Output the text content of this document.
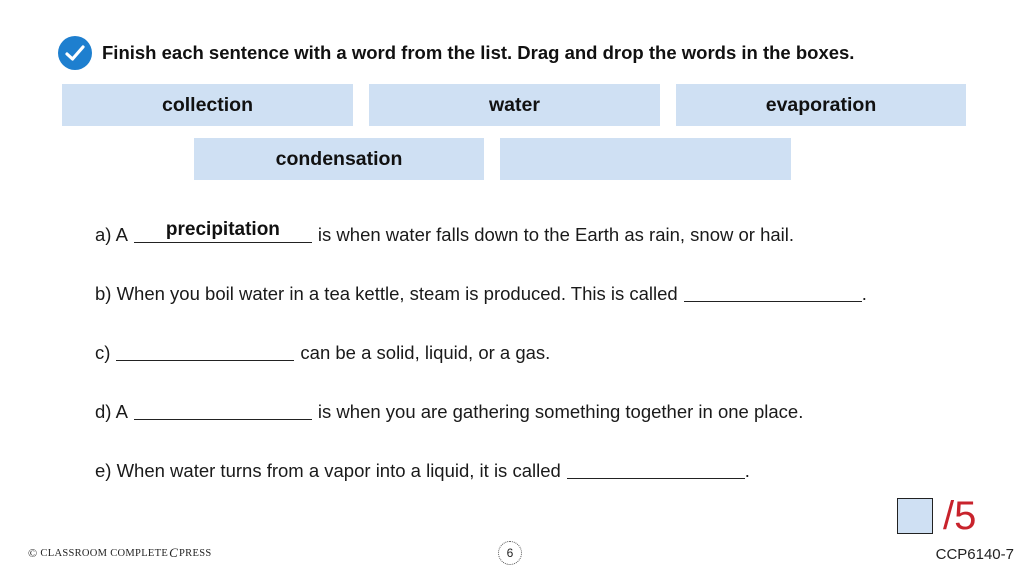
Finish each sentence with a word from the list. Drag and drop the words in the boxes.
collection	water	evaporation
condensation
a) A	precipitation	is when water falls down to the Earth as rain, snow or hail.
b) When you boil water in a tea kettle, steam is produced. This is called	.
c)	can be a solid, liquid, or a gas.
d) A	is when you are gathering something together in one place.
e) When water turns from a vapor into a liquid, it is called	.
/5
© CLASSROOM COMPLETE C PRESS	6	CCP6140-7
